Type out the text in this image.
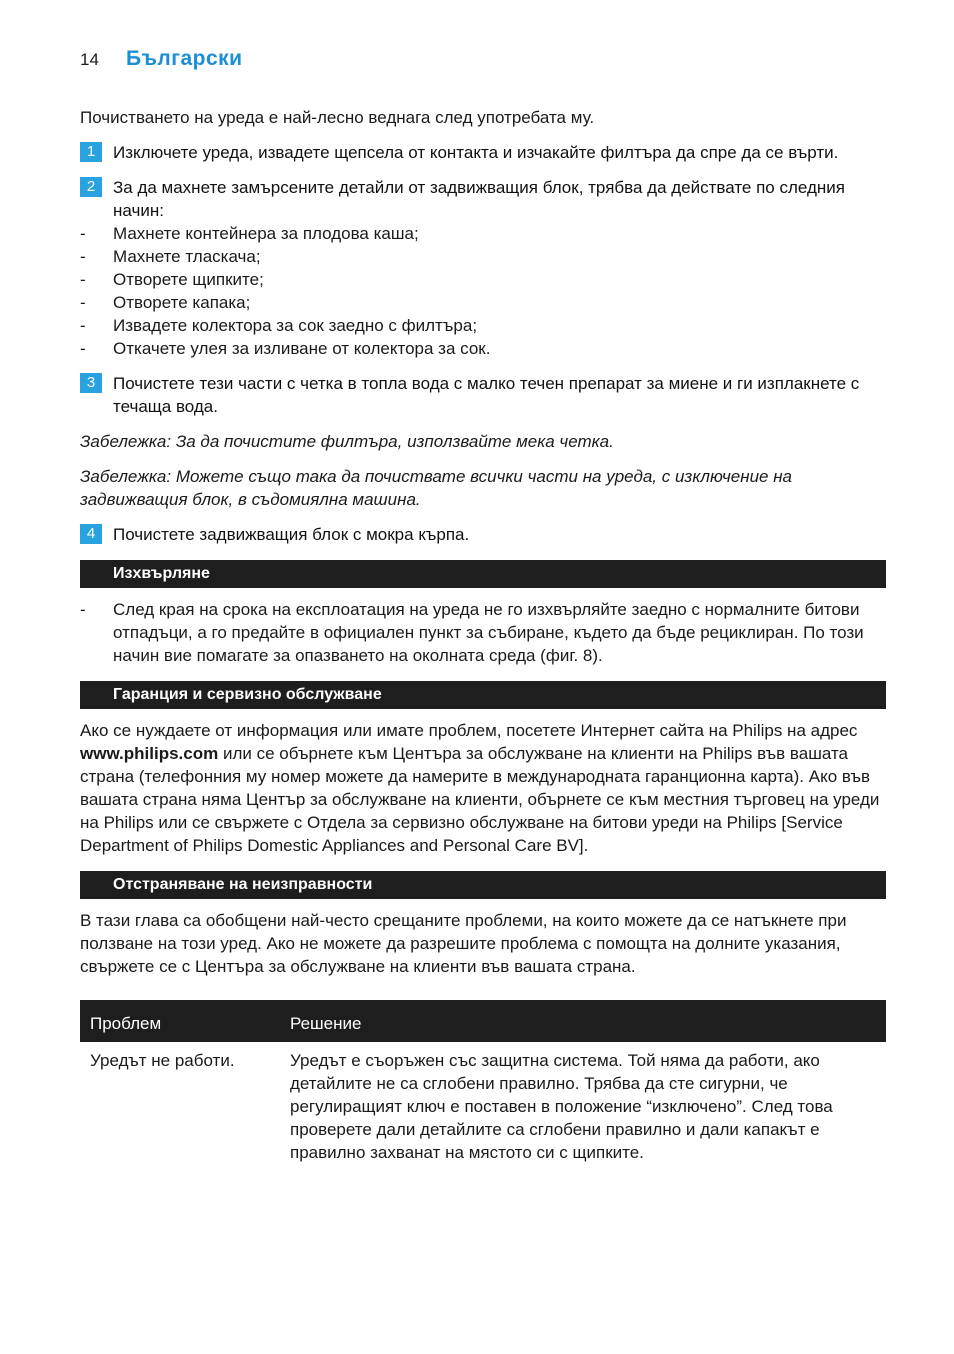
14	Български

Почистването на уреда е най-лесно веднага след употребата му.

1	Изключете уреда, извадете щепсела от контакта и изчакайте филтъра да спре да се върти.
2	За да махнете замърсените детайли от задвижващия блок, трябва да действате по следния начин:
-	Махнете контейнера за плодова каша;
-	Махнете тласкача;
-	Отворете щипките;
-	Отворете капака;
-	Извадете колектора за сок заедно с филтъра;
-	Откачете улея за изливане от колектора за сок.
3	Почистете тези части с четка в топла вода с малко течен препарат за миене и ги изплакнете с течаща вода.

Забележка: За да почистите филтъра, използвайте мека четка.

Забележка: Можете също така да почиствате всички части на уреда, с изключение на задвижващия блок, в съдомиялна машина.

4	Почистете задвижващия блок с мокра кърпа.
Изхвърляне
-	След края на срока на експлоатация на уреда не го изхвърляйте заедно с нормалните битови отпадъци, а го предайте в официален пункт за събиране, където да бъде рециклиран. По този начин вие помагате за опазването на околната среда (фиг. 8).
Гаранция и сервизно обслужване

Ако се нуждаете от информация или имате проблем, посетете Интернет сайта на Philips на адрес www.philips.com или се обърнете към Центъра за обслужване на клиенти на Philips във вашата страна (телефонния му номер можете да намерите в международната гаранционна карта). Ако във вашата страна няма Център за обслужване на клиенти, обърнете се към местния търговец на уреди на Philips или се свържете с Отдела за сервизно обслужване на битови уреди на Philips [Service Department of Philips Domestic Appliances and Personal Care BV].

Отстраняване на неизправности

В тази глава са обобщени най-често срещаните проблеми, на които можете да се натъкнете при ползване на този уред. Ако не можете да разрешите проблема с помощта на долните указания, свържете се с Центъра за обслужване на клиенти във вашата страна.

Проблем	Решение
Уредът не работи.	Уредът е съоръжен със защитна система. Той няма да работи, ако детайлите не са сглобени правилно. Трябва да сте сигурни, че регулиращият ключ е поставен в положение “изключено”. След това проверете дали детайлите са сглобени правилно и дали капакът е правилно захванат на мястото си с щипките.
